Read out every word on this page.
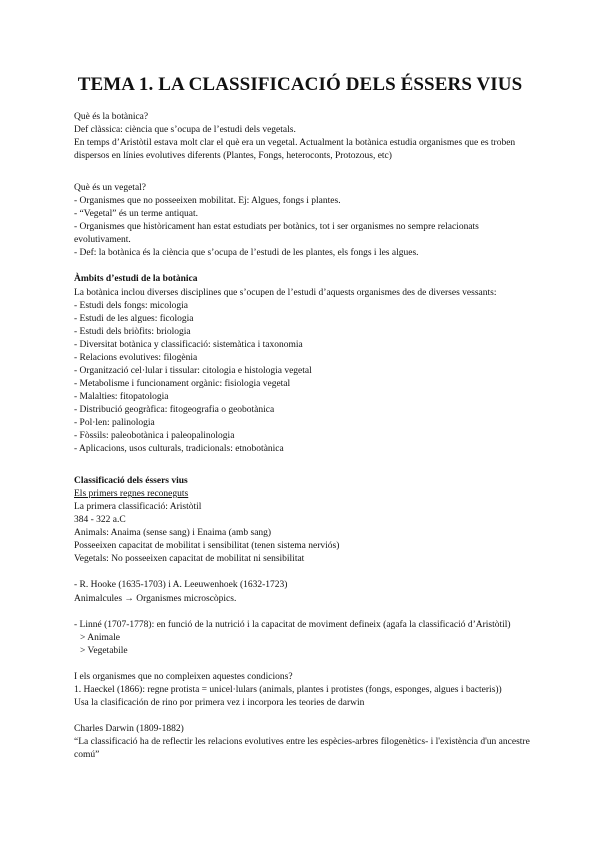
TEMA 1. LA CLASSIFICACIÓ DELS ÉSSERS VIUS

Què és la botànica?

Def clàssica: ciència que s’ocupa de l’estudi dels vegetals.

En temps d’Aristòtil estava molt clar el què era un vegetal. Actualment la botànica estudia organismes que es troben dispersos en línies evolutives diferents (Plantes, Fongs, heteroconts, Protozous, etc)

Què és un vegetal?

- Organismes que no posseeixen mobilitat. Ej: Algues, fongs i plantes.

- “Vegetal” és un terme antiquat.

- Organismes que històricament han estat estudiats per botànics, tot i ser organismes no sempre relacionats evolutivament.

- Def: la botànica és la ciència que s’ocupa de l’estudi de les plantes, els fongs i les algues.

Àmbits d’estudi de la botànica

La botànica inclou diverses disciplines que s’ocupen de l’estudi d’aquests organismes des de diverses vessants:

- Estudi dels fongs: micologia

- Estudi de les algues: ficologia

- Estudi dels briòfits: briologia

- Diversitat botànica y classificació: sistemàtica i taxonomia

- Relacions evolutives: filogènia

- Organització cel·lular i tissular: citologia e histologia vegetal

- Metabolisme i funcionament orgànic: fisiologia vegetal

- Malalties: fitopatologia

- Distribució geogràfica: fitogeografia o geobotànica

- Pol·len: palinologia

- Fòssils: paleobotànica i paleopalinologia

- Aplicacions, usos culturals, tradicionals: etnobotànica

Classificació dels éssers vius

Els primers regnes reconeguts

La primera classificació: Aristòtil

384 - 322 a.C

Animals: Anaima (sense sang) i Enaima (amb sang)

Posseeixen capacitat de mobilitat i sensibilitat (tenen sistema nerviós)

Vegetals: No posseeixen capacitat de mobilitat ni sensibilitat

- R. Hooke (1635-1703) i A. Leeuwenhoek (1632-1723)

Animalcules → Organismes microscòpics.

- Linné (1707-1778): en funció de la nutrició i la capacitat de moviment defineix (agafa la classificació d’Aristòtil)

> Animale

> Vegetabile

I els organismes que no compleixen aquestes condicions?

1. Haeckel (1866): regne protista = unicel·lulars (animals, plantes i protistes (fongs, esponges, algues i bacteris))

Usa la clasificación de rino por primera vez i incorpora les teories de darwin

Charles Darwin (1809-1882)

“La classificació ha de reflectir les relacions evolutives entre les espècies-arbres filogenètics- i l'existència d'un ancestre comú”
